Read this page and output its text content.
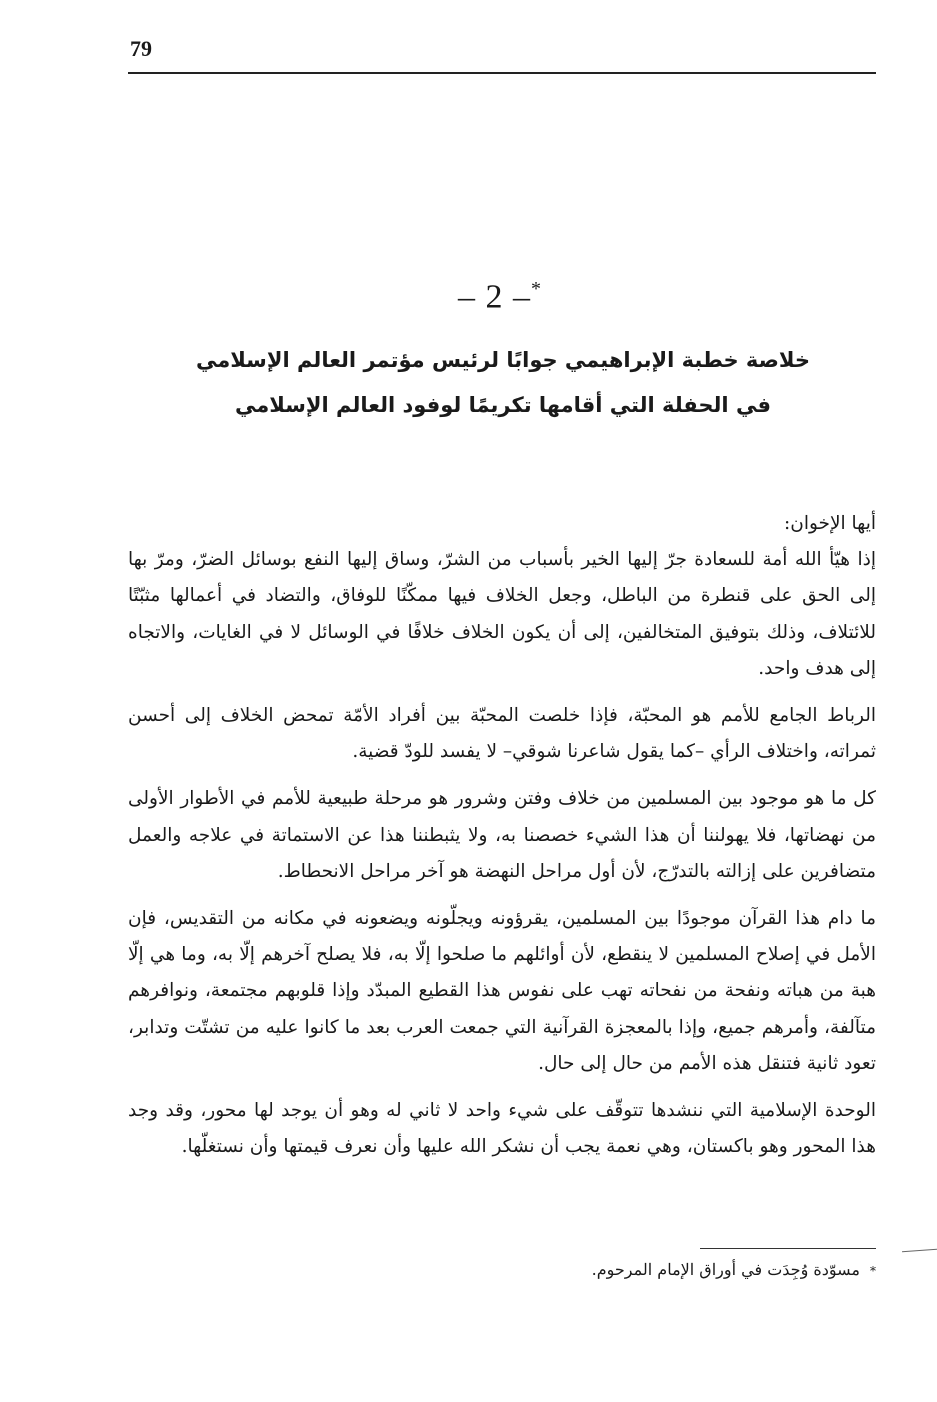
79
– 2 –*
خلاصة خطبة الإبراهيمي جوابًا لرئيس مؤتمر العالم الإسلامي
في الحفلة التي أقامها تكريمًا لوفود العالم الإسلامي

أيها الإخوان:

إذا هيّأ الله أمة للسعادة جرّ إليها الخير بأسباب من الشرّ، وساق إليها النفع بوسائل الضرّ، ومرّ بها إلى الحق على قنطرة من الباطل، وجعل الخلاف فيها ممكّنًا للوفاق، والتضاد في أعمالها مثبّتًا للائتلاف، وذلك بتوفيق المتخالفين، إلى أن يكون الخلاف خلافًا في الوسائل لا في الغايات، والاتجاه إلى هدف واحد.

الرباط الجامع للأمم هو المحبّة، فإذا خلصت المحبّة بين أفراد الأمّة تمحض الخلاف إلى أحسن ثمراته، واختلاف الرأي –كما يقول شاعرنا شوقي– لا يفسد للودّ قضية.

كل ما هو موجود بين المسلمين من خلاف وفتن وشرور هو مرحلة طبيعية للأمم في الأطوار الأولى من نهضاتها، فلا يهولننا أن هذا الشيء خصصنا به، ولا يثبطننا هذا عن الاستماتة في علاجه والعمل متضافرين على إزالته بالتدرّج، لأن أول مراحل النهضة هو آخر مراحل الانحطاط.

ما دام هذا القرآن موجودًا بين المسلمين، يقرؤونه ويجلّونه ويضعونه في مكانه من التقديس، فإن الأمل في إصلاح المسلمين لا ينقطع، لأن أوائلهم ما صلحوا إلّا به، فلا يصلح آخرهم إلّا به، وما هي إلّا هبة من هباته ونفحة من نفحاته تهب على نفوس هذا القطيع المبدّد وإذا قلوبهم مجتمعة، ونوافرهم متآلفة، وأمرهم جميع، وإذا بالمعجزة القرآنية التي جمعت العرب بعد ما كانوا عليه من تشتّت وتدابر، تعود ثانية فتنقل هذه الأمم من حال إلى حال.

الوحدة الإسلامية التي ننشدها تتوقّف على شيء واحد لا ثاني له وهو أن يوجد لها محور، وقد وجد هذا المحور وهو باكستان، وهي نعمة يجب أن نشكر الله عليها وأن نعرف قيمتها وأن نستغلّها.

*مسوّدة وُجِدَت في أوراق الإمام المرحوم.
